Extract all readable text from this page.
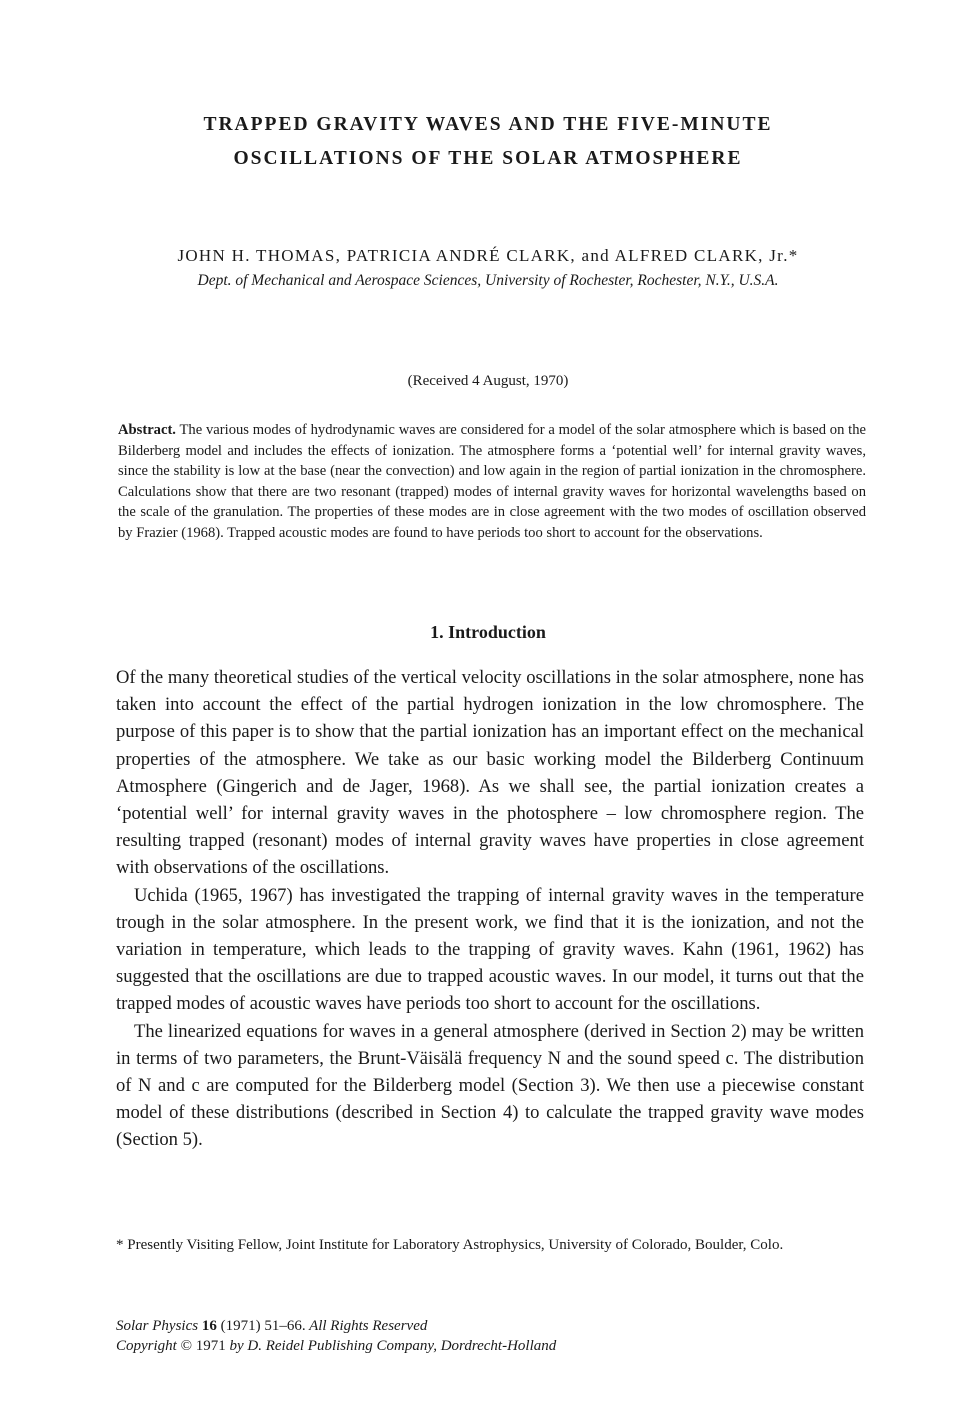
TRAPPED GRAVITY WAVES AND THE FIVE-MINUTE
OSCILLATIONS OF THE SOLAR ATMOSPHERE
JOHN H. THOMAS, PATRICIA ANDRÉ CLARK, and ALFRED CLARK, Jr.*
Dept. of Mechanical and Aerospace Sciences, University of Rochester, Rochester, N.Y., U.S.A.
(Received 4 August, 1970)
Abstract. The various modes of hydrodynamic waves are considered for a model of the solar atmosphere which is based on the Bilderberg model and includes the effects of ionization. The atmosphere forms a ‘potential well’ for internal gravity waves, since the stability is low at the base (near the convection) and low again in the region of partial ionization in the chromosphere. Calculations show that there are two resonant (trapped) modes of internal gravity waves for horizontal wavelengths based on the scale of the granulation. The properties of these modes are in close agreement with the two modes of oscillation observed by Frazier (1968). Trapped acoustic modes are found to have periods too short to account for the observations.
1. Introduction

Of the many theoretical studies of the vertical velocity oscillations in the solar atmosphere, none has taken into account the effect of the partial hydrogen ionization in the low chromosphere. The purpose of this paper is to show that the partial ionization has an important effect on the mechanical properties of the atmosphere. We take as our basic working model the Bilderberg Continuum Atmosphere (Gingerich and de Jager, 1968). As we shall see, the partial ionization creates a ‘potential well’ for internal gravity waves in the photosphere – low chromosphere region. The resulting trapped (resonant) modes of internal gravity waves have properties in close agreement with observations of the oscillations.

Uchida (1965, 1967) has investigated the trapping of internal gravity waves in the temperature trough in the solar atmosphere. In the present work, we find that it is the ionization, and not the variation in temperature, which leads to the trapping of gravity waves. Kahn (1961, 1962) has suggested that the oscillations are due to trapped acoustic waves. In our model, it turns out that the trapped modes of acoustic waves have periods too short to account for the oscillations.

The linearized equations for waves in a general atmosphere (derived in Section 2) may be written in terms of two parameters, the Brunt-Väisälä frequency N and the sound speed c. The distribution of N and c are computed for the Bilderberg model (Section 3). We then use a piecewise constant model of these distributions (described in Section 4) to calculate the trapped gravity wave modes (Section 5).

* Presently Visiting Fellow, Joint Institute for Laboratory Astrophysics, University of Colorado, Boulder, Colo.
Solar Physics 16 (1971) 51–66. All Rights Reserved
Copyright © 1971 by D. Reidel Publishing Company, Dordrecht-Holland
